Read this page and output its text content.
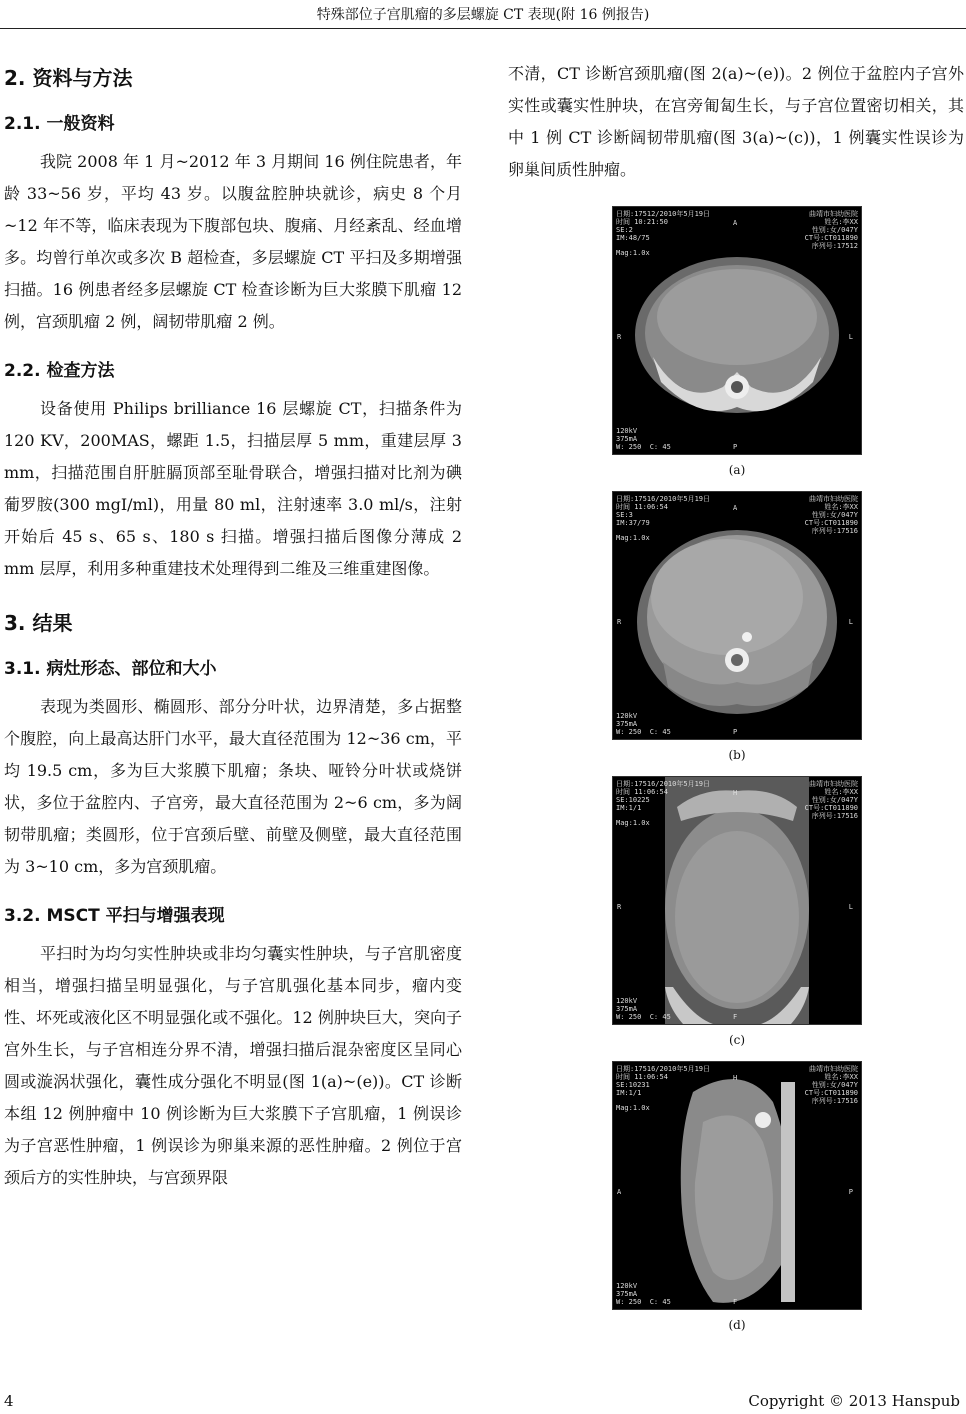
特殊部位子宫肌瘤的多层螺旋 CT 表现(附 16 例报告)
2. 资料与方法
2.1. 一般资料

我院 2008 年 1 月~2012 年 3 月期间 16 例住院患者，年龄 33~56 岁，平均 43 岁。以腹盆腔肿块就诊，病史 8 个月~12 年不等，临床表现为下腹部包块、腹痛、月经紊乱、经血增多。均曾行单次或多次 B 超检查，多层螺旋 CT 平扫及多期增强扫描。16 例患者经多层螺旋 CT 检查诊断为巨大浆膜下肌瘤 12 例，宫颈肌瘤 2 例，阔韧带肌瘤 2 例。

2.2. 检查方法

设备使用 Philips brilliance 16 层螺旋 CT，扫描条件为 120 KV，200MAS，螺距 1.5，扫描层厚 5 mm，重建层厚 3 mm，扫描范围自肝脏膈顶部至耻骨联合，增强扫描对比剂为碘葡罗胺(300 mgI/ml)，用量 80 ml，注射速率 3.0 ml/s，注射开始后 45 s、65 s、180 s 扫描。增强扫描后图像分薄成 2 mm 层厚，利用多种重建技术处理得到二维及三维重建图像。

3. 结果
3.1. 病灶形态、部位和大小

表现为类圆形、椭圆形、部分分叶状，边界清楚，多占据整个腹腔，向上最高达肝门水平，最大直径范围为 12~36 cm，平均 19.5 cm，多为巨大浆膜下肌瘤；条块、哑铃分叶状或烧饼状，多位于盆腔内、子宫旁，最大直径范围为 2~6 cm，多为阔韧带肌瘤；类圆形，位于宫颈后壁、前壁及侧壁，最大直径范围为 3~10 cm，多为宫颈肌瘤。

3.2. MSCT 平扫与增强表现

平扫时为均匀实性肿块或非均匀囊实性肿块，与子宫肌密度相当，增强扫描呈明显强化，与子宫肌强化基本同步，瘤内变性、坏死或液化区不明显强化或不强化。12 例肿块巨大，突向子宫外生长，与子宫相连分界不清，增强扫描后混杂密度区呈同心圆或漩涡状强化，囊性成分强化不明显(图 1(a)~(e))。CT 诊断本组 12 例肿瘤中 10 例诊断为巨大浆膜下子宫肌瘤，1 例误诊为子宫恶性肿瘤，1 例误诊为卵巢来源的恶性肿瘤。2 例位于宫颈后方的实性肿块，与宫颈界限

不清，CT 诊断宫颈肌瘤(图 2(a)~(e))。2 例位于盆腔内子宫外实性或囊实性肿块，在宫旁匍匐生长，与子宫位置密切相关，其中 1 例 CT 诊断阔韧带肌瘤(图 3(a)~(c))，1 例囊实性误诊为卵巢间质性肿瘤。

日期:17512/2010年5月19日
时间 10:21:50
SE:2
IM:48/75
曲靖市妇幼医院
姓名:李XX
性别:女/047Y
CT号:CT011890
序列号:17512
Mag:1.0x
120kV
375mA
W: 250  C: 45
A
R	L
P
(a)
日期:17516/2010年5月19日
时间 11:06:54
SE:3
IM:37/79
曲靖市妇幼医院
姓名:李XX
性别:女/047Y
CT号:CT011890
序列号:17516
Mag:1.0x
120kV
375mA
W: 250  C: 45
A
R	L
P
(b)
日期:17516/2010年5月19日
时间 11:06:54
SE:10225
IM:1/1
曲靖市妇幼医院
姓名:李XX
性别:女/047Y
CT号:CT011890
序列号:17516
Mag:1.0x
120kV
375mA
W: 250  C: 45
H
R	L
F
(c)
日期:17516/2010年5月19日
时间 11:06:54
SE:10231
IM:1/1
曲靖市妇幼医院
姓名:李XX
性别:女/047Y
CT号:CT011890
序列号:17516
Mag:1.0x
120kV
375mA
W: 250  C: 45
H
A	P
F
(d)
4	Copyright © 2013 Hanspub
